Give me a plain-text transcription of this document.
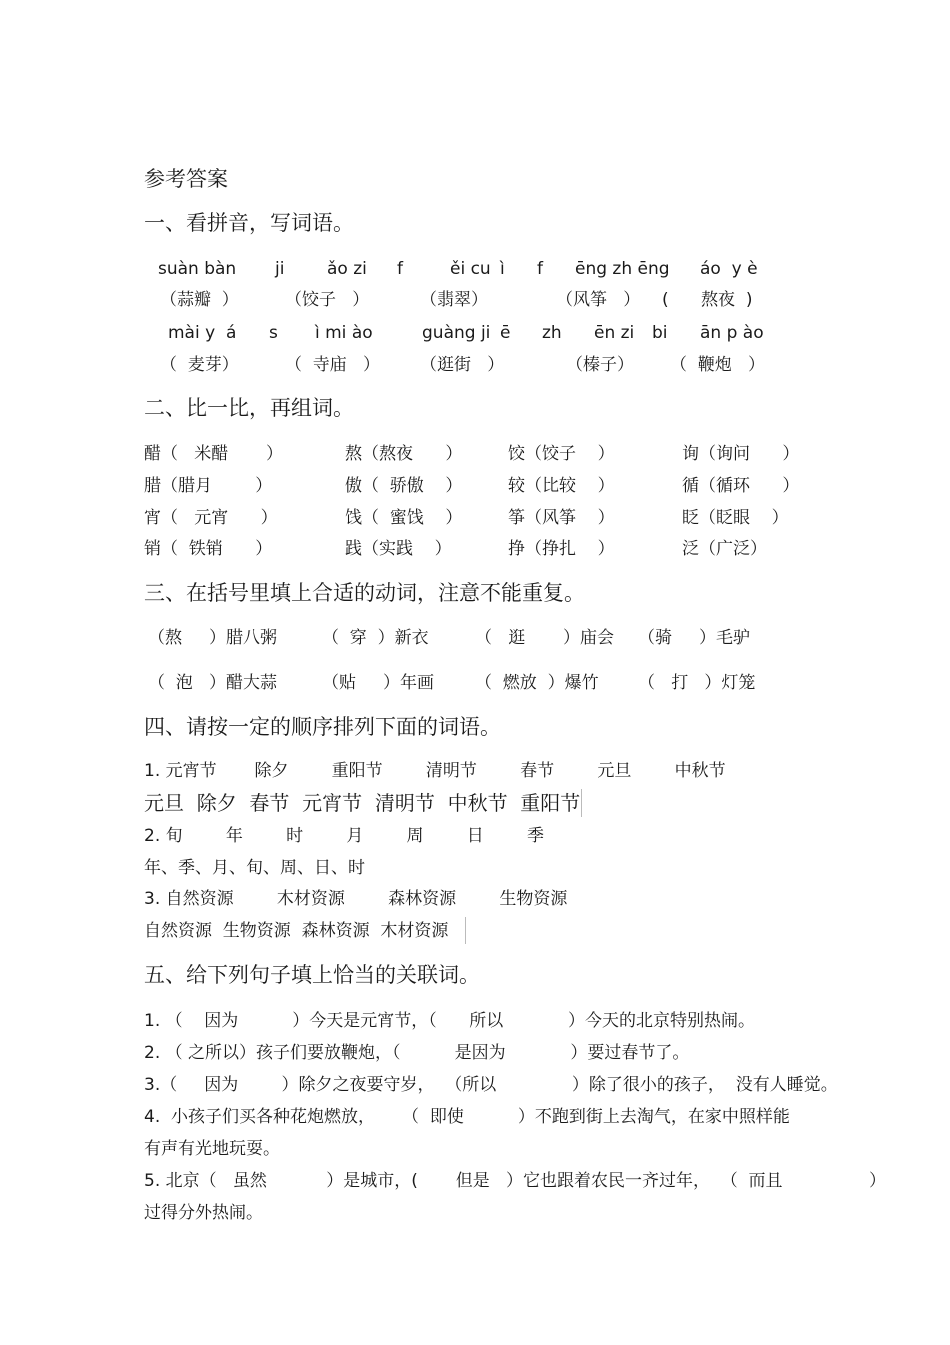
参考答案
一、看拼音，写词语。
suàn bàn ji	ǎo zi f	ěi cu ì f ēng zh ēng áo  y è
（蒜瓣  ）	（饺子   ）	（翡翠）	（风筝   ） (      熬夜  )
mài y  á s ì mi ào	guàng ji ē zh ēn zi bi ān p ào
（  麦芽）	（  寺庙   ） （逛街   ）	（榛子） （  鞭炮   ）
二、比一比，再组词。
醋（   米醋       ）	熬（熬夜      ）	饺（饺子    ）	询（询问      ）
腊（腊月        ）	傲（  骄傲    ）	较（比较    ）	循（循环      ）
宵（   元宵      ）	饯（  蜜饯    ）	筝（风筝    ）	眨（眨眼    ）
销（  铁销      ）	践（实践    ）	挣（挣扎    ）	泛（广泛）
三、在括号里填上合适的动词，注意不能重复。
（熬     ）腊八粥	（  穿  ）新衣	（   逛       ）庙会 （骑     ）毛驴
（  泡   ）醋大蒜	（贴     ）年画 （  燃放  ）爆竹 （   打   ）灯笼
四、请按一定的顺序排列下面的词语。
1. 元宵节       除夕        重阳节        清明节        春节        元旦        中秋节
元旦  除夕  春节  元宵节  清明节  中秋节  重阳节
2. 旬        年        时        月        周        日        季
年、季、月、旬、周、日、时
3. 自然资源        木材资源        森林资源        生物资源
自然资源  生物资源  森林资源  木材资源
五、给下列句子填上恰当的关联词。
1. （    因为          ）今天是元宵节，（      所以            ）今天的北京特别热闹。
2. （ 之所以）孩子们要放鞭炮，（          是因为            ）要过春节了。
3.（     因为        ）除夕之夜要守岁，  （所以              ）除了很小的孩子，  没有人睡觉。
4.  小孩子们买各种花炮燃放，     （  即使          ）不跑到街上去淘气，在家中照样能
有声有光地玩耍。
5. 北京（   虽然           ）是城市，(       但是   ）它也跟着农民一齐过年，  （  而且                ）
过得分外热闹。
